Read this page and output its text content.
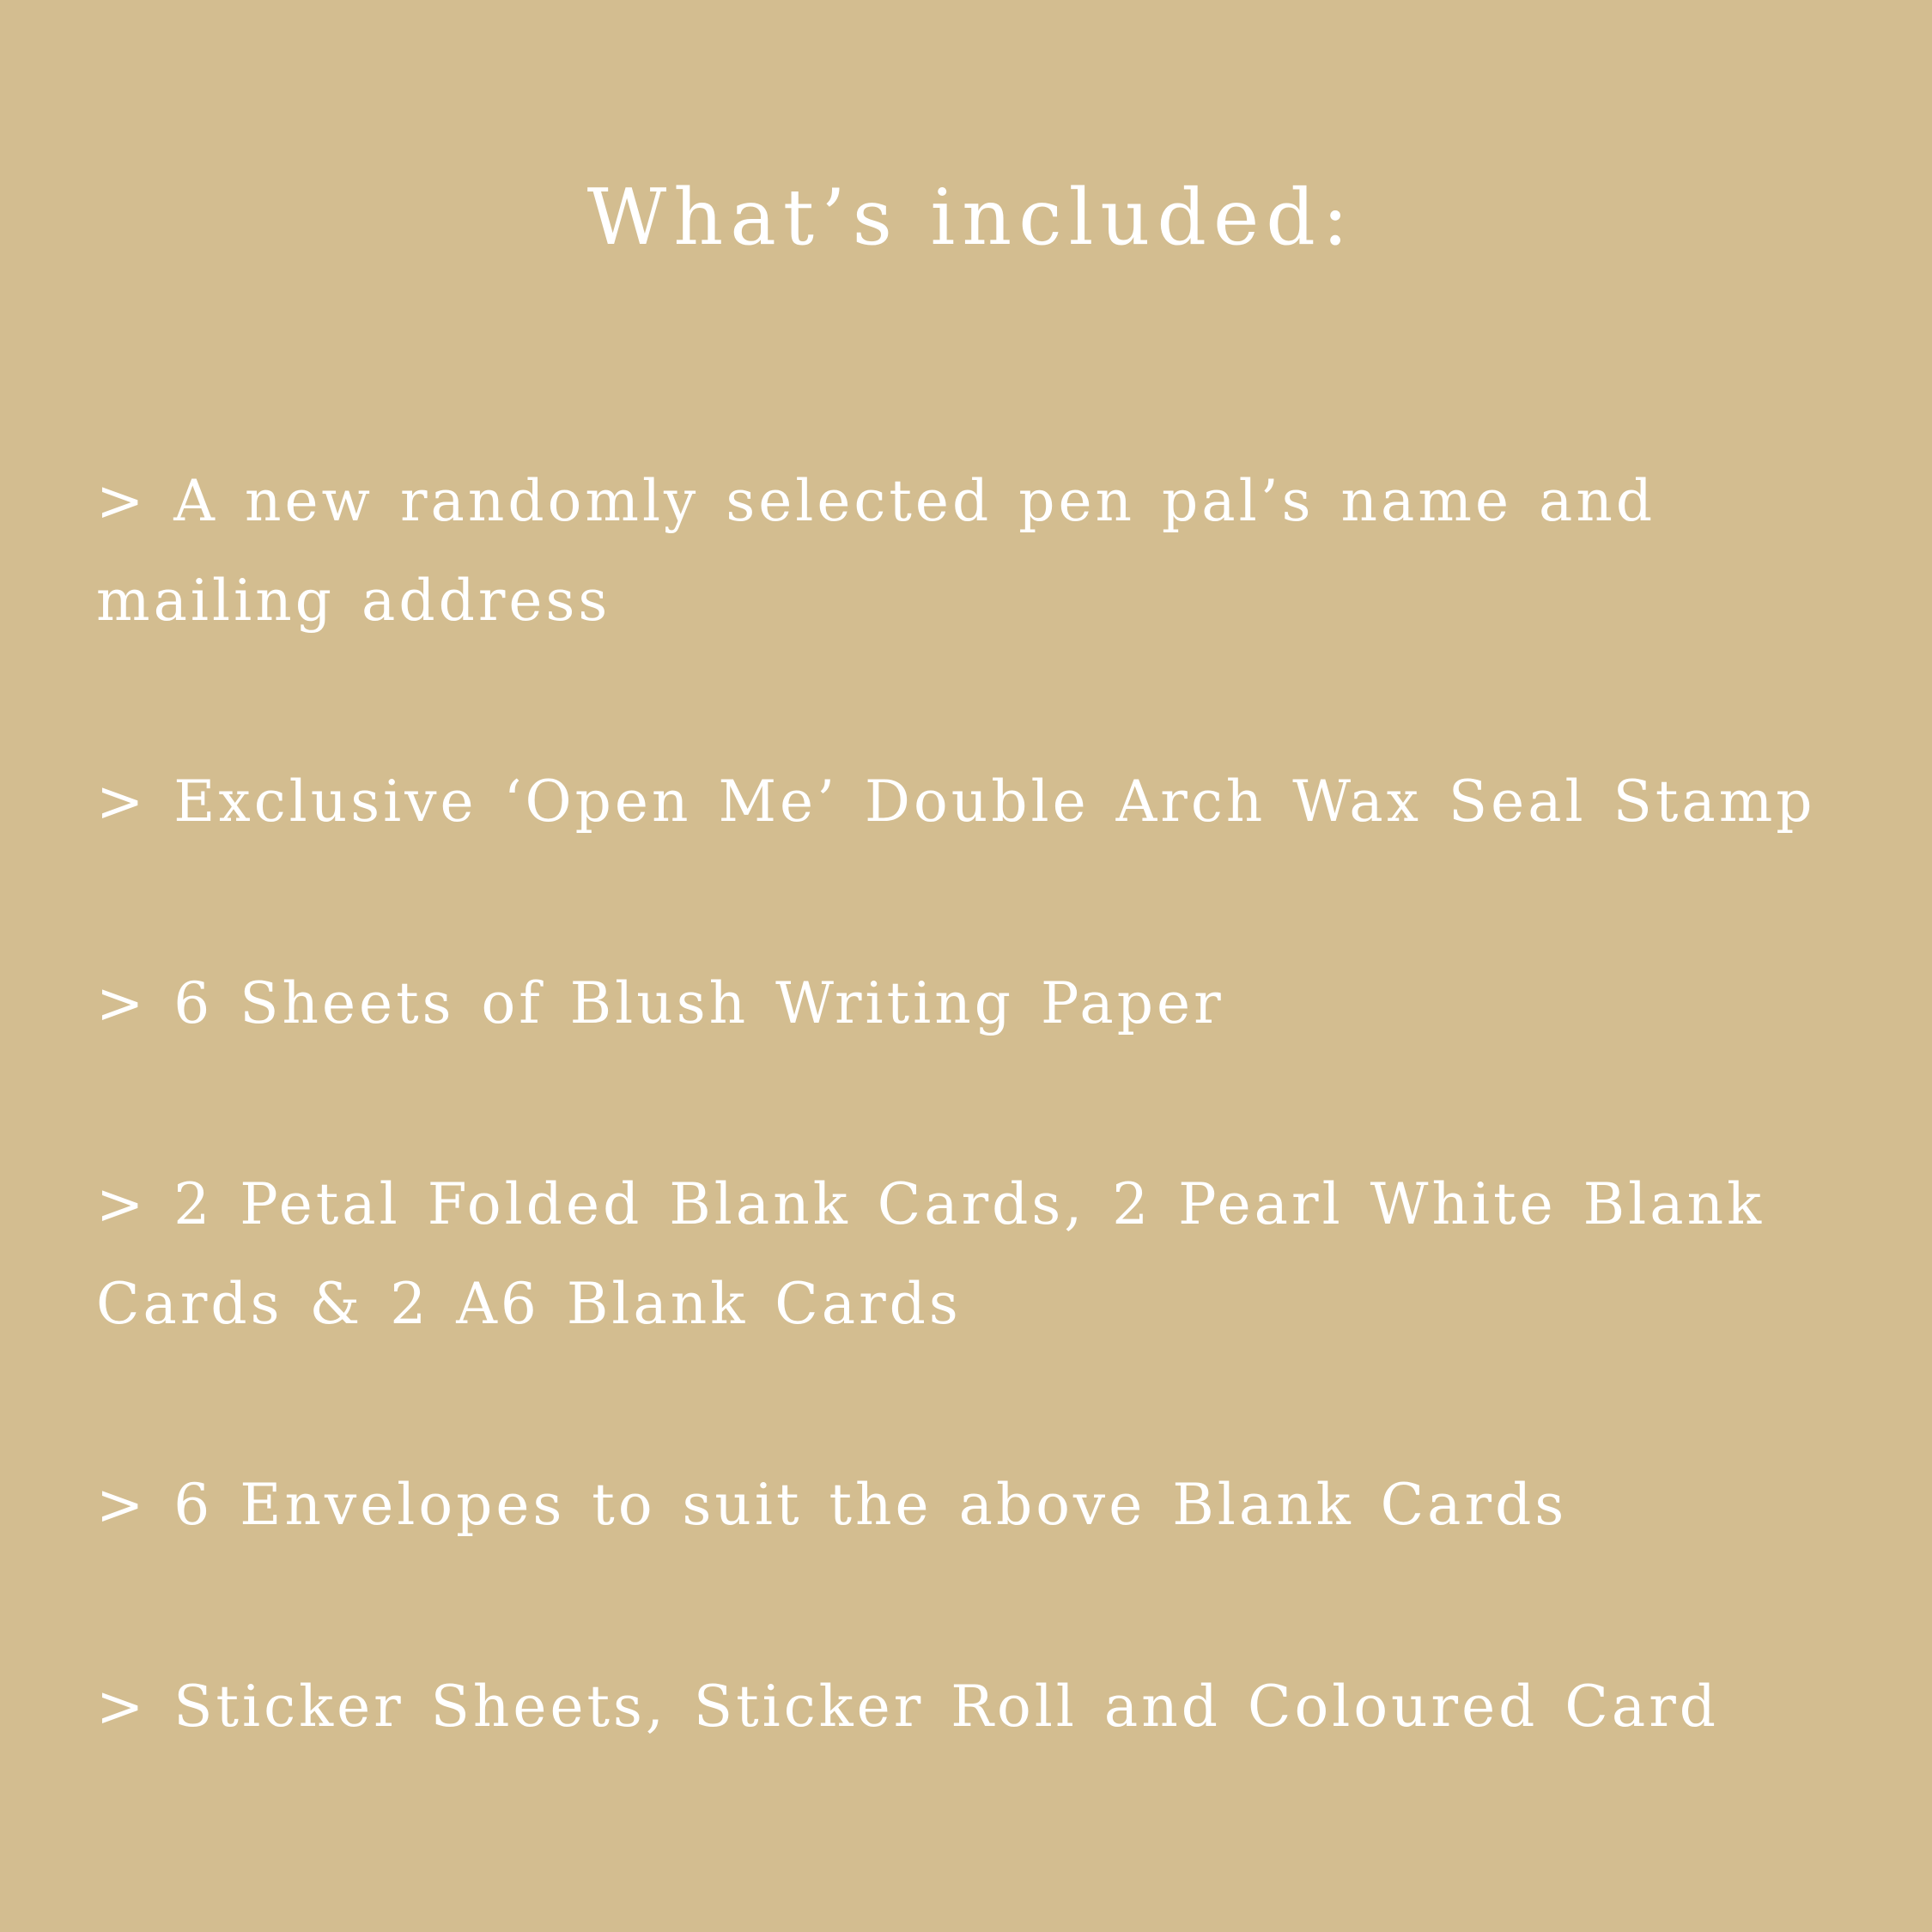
What’s included:
> A new randomly selected pen pal’s name and mailing address
> Exclusive ‘Open Me’ Double Arch Wax Seal Stamp
> 6 Sheets of Blush Writing Paper
> 2 Petal Folded Blank Cards, 2 Pearl White Blank Cards & 2 A6 Blank Cards
> 6 Envelopes to suit the above Blank Cards
> Sticker Sheets, Sticker Roll and Coloured Card
